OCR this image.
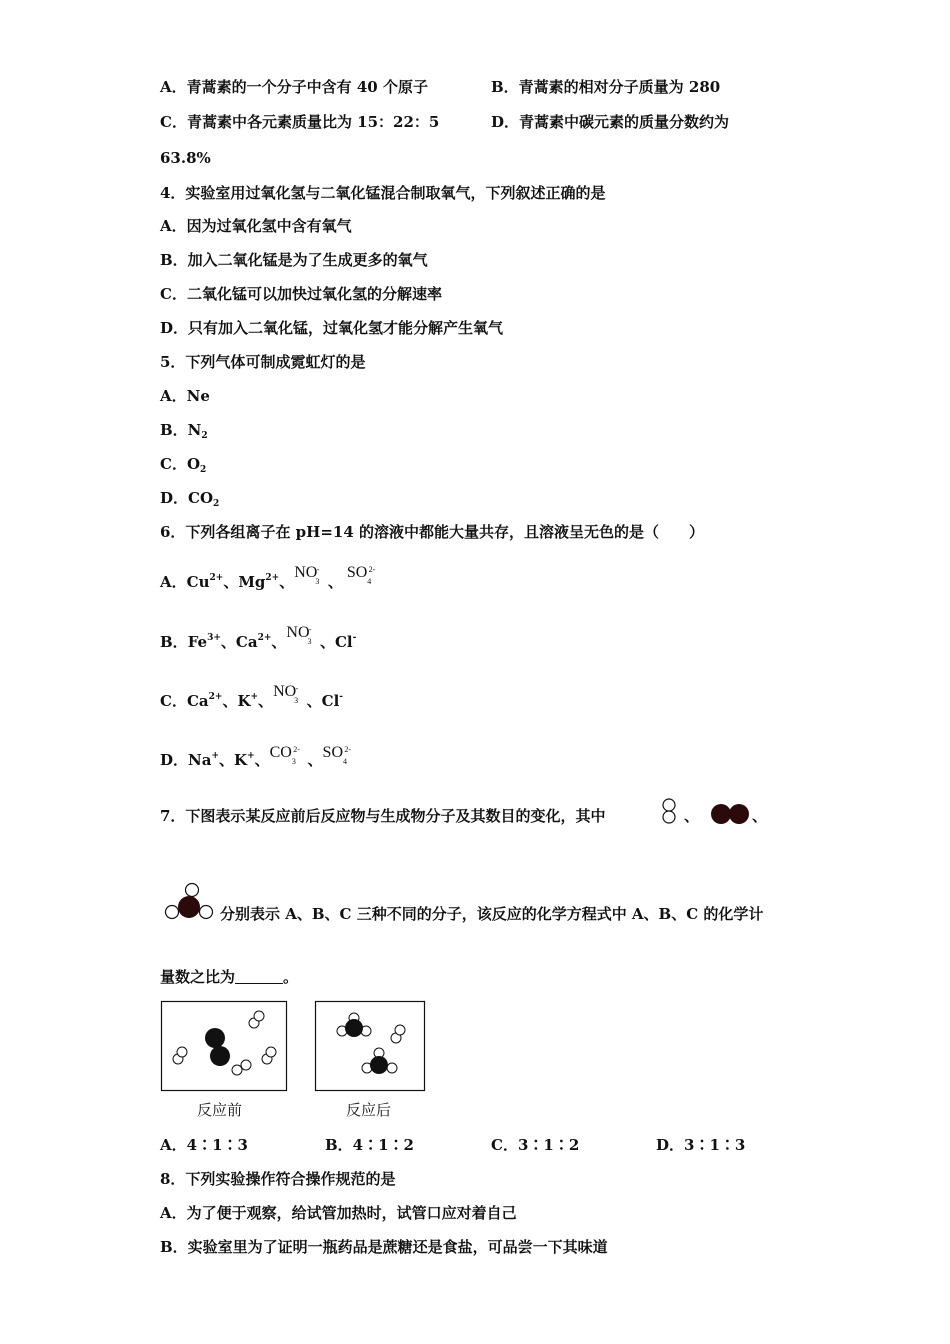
A．青蒿素的一个分子中含有 40 个原子	B．青蒿素的相对分子质量为 280
C．青蒿素中各元素质量比为 15：22：5	D．青蒿素中碳元素的质量分数约为
63.8%
4．实验室用过氧化氢与二氧化锰混合制取氧气，下列叙述正确的是
A．因为过氧化氢中含有氧气
B．加入二氧化锰是为了生成更多的氧气
C．二氧化锰可以加快过氧化氢的分解速率
D．只有加入二氧化锰，过氧化氢才能分解产生氧气
5．下列气体可制成霓虹灯的是
A．Ne
B．$N_2$
C．$O_2$
D．$CO_2$
6．下列各组离子在 pH=14 的溶液中都能大量共存，且溶液呈无色的是（　　）
A．$Cu^{2+}$、$Mg^{2+}$、NO -
3 、 SO 2-
4
B．$Fe^{3+}$、$Ca^{2+}$、NO -
3 、Cl-
C．$Ca^{2+}$、K+、NO -
3 、Cl-
D．Na+、K+、CO 2-
3 、SO 2-
4
7．下图表示某反应前后反应物与生成物分子及其数目的变化，其中	、	、
分别表示 A、B、C 三种不同的分子，该反应的化学方程式中 A、B、C 的化学计
量数之比为	。
反应前	反应后
A．4∶1∶3	B．4∶1∶2	C．3∶1∶2	D．3∶1∶3
8．下列实验操作符合操作规范的是
A．为了便于观察，给试管加热时，试管口应对着自己
B．实验室里为了证明一瓶药品是蔗糖还是食盐，可品尝一下其味道
